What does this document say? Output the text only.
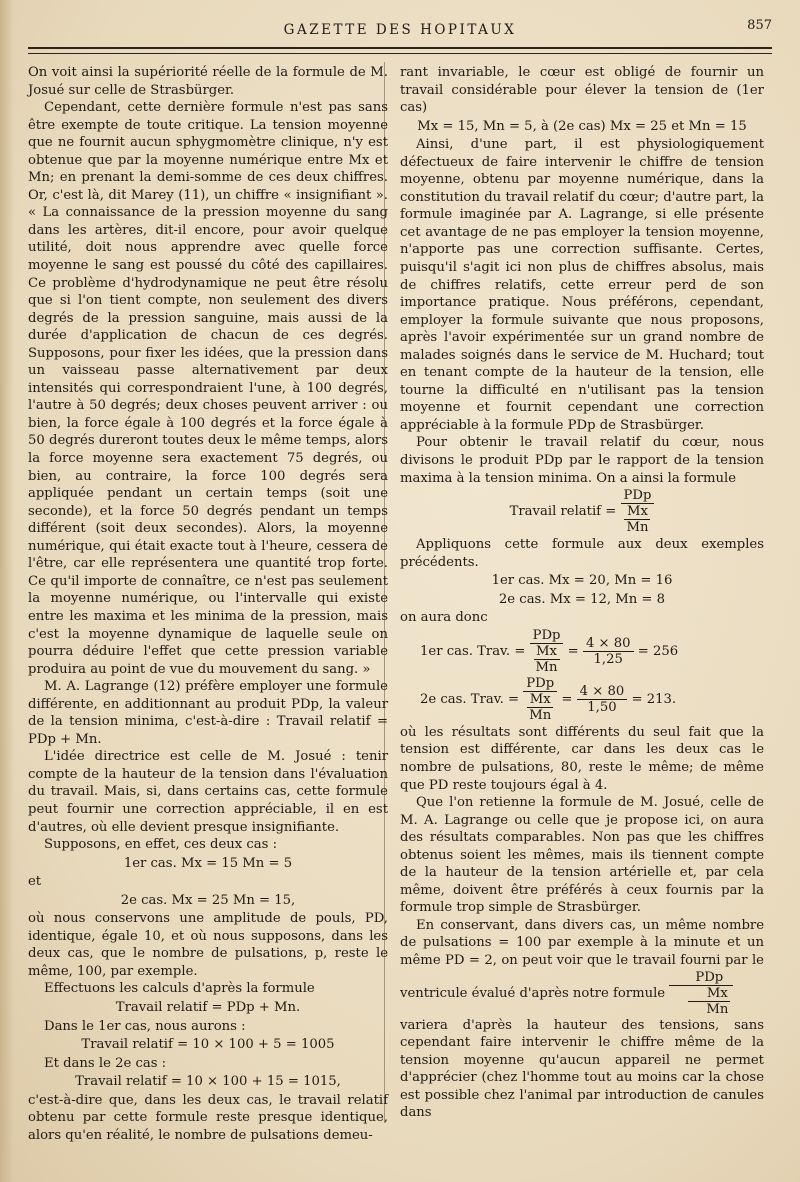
GAZETTE DES HOPITAUX	857

On voit ainsi la supériorité réelle de la formule de M. Josué sur celle de Strasbürger.

Cependant, cette dernière formule n'est pas sans être exempte de toute critique. La tension moyenne que ne fournit aucun sphygmomètre clinique, n'y est obtenue que par la moyenne numérique entre Mx et Mn; en prenant la demi-somme de ces deux chiffres. Or, c'est là, dit Marey (11), un chiffre « insignifiant ». « La connaissance de la pression moyenne du sang dans les artères, dit-il encore, pour avoir quelque utilité, doit nous apprendre avec quelle force moyenne le sang est poussé du côté des capillaires. Ce problème d'hydrodynamique ne peut être résolu que si l'on tient compte, non seulement des divers degrés de la pression sanguine, mais aussi de la durée d'application de chacun de ces degrés. Supposons, pour fixer les idées, que la pression dans un vaisseau passe alternativement par deux intensités qui correspondraient l'une, à 100 degrés, l'autre à 50 degrés; deux choses peuvent arriver : ou bien, la force égale à 100 degrés et la force égale à 50 degrés dureront toutes deux le même temps, alors la force moyenne sera exactement 75 degrés, ou bien, au contraire, la force 100 degrés sera appliquée pendant un certain temps (soit une seconde), et la force 50 degrés pendant un temps différent (soit deux secondes). Alors, la moyenne numérique, qui était exacte tout à l'heure, cessera de l'être, car elle représentera une quantité trop forte. Ce qu'il importe de connaître, ce n'est pas seulement la moyenne numérique, ou l'intervalle qui existe entre les maxima et les minima de la pression, mais c'est la moyenne dynamique de laquelle seule on pourra déduire l'effet que cette pression variable produira au point de vue du mouvement du sang. »

M. A. Lagrange (12) préfère employer une formule différente, en additionnant au produit PDp, la valeur de la tension minima, c'est-à-dire : Travail relatif = PDp + Mn.

L'idée directrice est celle de M. Josué : tenir compte de la hauteur de la tension dans l'évaluation du travail. Mais, si, dans certains cas, cette formule peut fournir une correction appréciable, il en est d'autres, où elle devient presque insignifiante.

Supposons, en effet, ces deux cas :

1er cas. Mx = 15 Mn = 5

et

2e cas. Mx = 25 Mn = 15,

où nous conservons une amplitude de pouls, PD, identique, égale 10, et où nous supposons, dans les deux cas, que le nombre de pulsations, p, reste le même, 100, par exemple.

Effectuons les calculs d'après la formule

Travail relatif = PDp + Mn.

Dans le 1er cas, nous aurons :

Travail relatif = 10 × 100 + 5 = 1005

Et dans le 2e cas :

Travail relatif = 10 × 100 + 15 = 1015,

c'est-à-dire que, dans les deux cas, le travail relatif obtenu par cette formule reste presque identique, alors qu'en réalité, le nombre de pulsations demeu-

rant invariable, le cœur est obligé de fournir un travail considérable pour élever la tension de (1er cas)

Mx = 15, Mn = 5, à (2e cas) Mx = 25 et Mn = 15

Ainsi, d'une part, il est physiologiquement défectueux de faire intervenir le chiffre de tension moyenne, obtenu par moyenne numérique, dans la constitution du travail relatif du cœur; d'autre part, la formule imaginée par A. Lagrange, si elle présente cet avantage de ne pas employer la tension moyenne, n'apporte pas une correction suffisante. Certes, puisqu'il s'agit ici non plus de chiffres absolus, mais de chiffres relatifs, cette erreur perd de son importance pratique. Nous préférons, cependant, employer la formule suivante que nous proposons, après l'avoir expérimentée sur un grand nombre de malades soignés dans le service de M. Huchard; tout en tenant compte de la hauteur de la tension, elle tourne la difficulté en n'utilisant pas la tension moyenne et fournit cependant une correction appréciable à la formule PDp de Strasbürger.

Pour obtenir le travail relatif du cœur, nous divisons le produit PDp par le rapport de la tension maxima à la tension minima. On a ainsi la formule

Travail relatif = $\frac{\text{PDp}}{\frac{Mx}{Mn}}$

Appliquons cette formule aux deux exemples précédents.

1er cas. Mx = 20, Mn = 16
2e cas. Mx = 12, Mn = 8

on aura donc

1er cas. Trav. = $\frac{\text{PDp}}{\frac{Mx}{Mn}} = \frac{4 \times 80}{1,25} = 256$
2e cas. Trav. = $\frac{\text{PDp}}{\frac{Mx}{Mn}} = \frac{4 \times 80}{1,50} = 213$.

où les résultats sont différents du seul fait que la tension est différente, car dans les deux cas le nombre de pulsations, 80, reste le même; de même que PD reste toujours égal à 4.

Que l'on retienne la formule de M. Josué, celle de M. A. Lagrange ou celle que je propose ici, on aura des résultats comparables. Non pas que les chiffres obtenus soient les mêmes, mais ils tiennent compte de la hauteur de la tension artérielle et, par cela même, doivent être préférés à ceux fournis par la formule trop simple de Strasbürger.

En conservant, dans divers cas, un même nombre de pulsations = 100 par exemple à la minute et un même PD = 2, on peut voir que le travail fourni par le ventricule évalué d'après notre formule $\frac{\text{PDp}}{\frac{Mx}{Mn}}$

variera d'après la hauteur des tensions, sans cependant faire intervenir le chiffre même de la tension moyenne qu'aucun appareil ne permet d'apprécier (chez l'homme tout au moins car la chose est possible chez l'animal par introduction de canules dans
